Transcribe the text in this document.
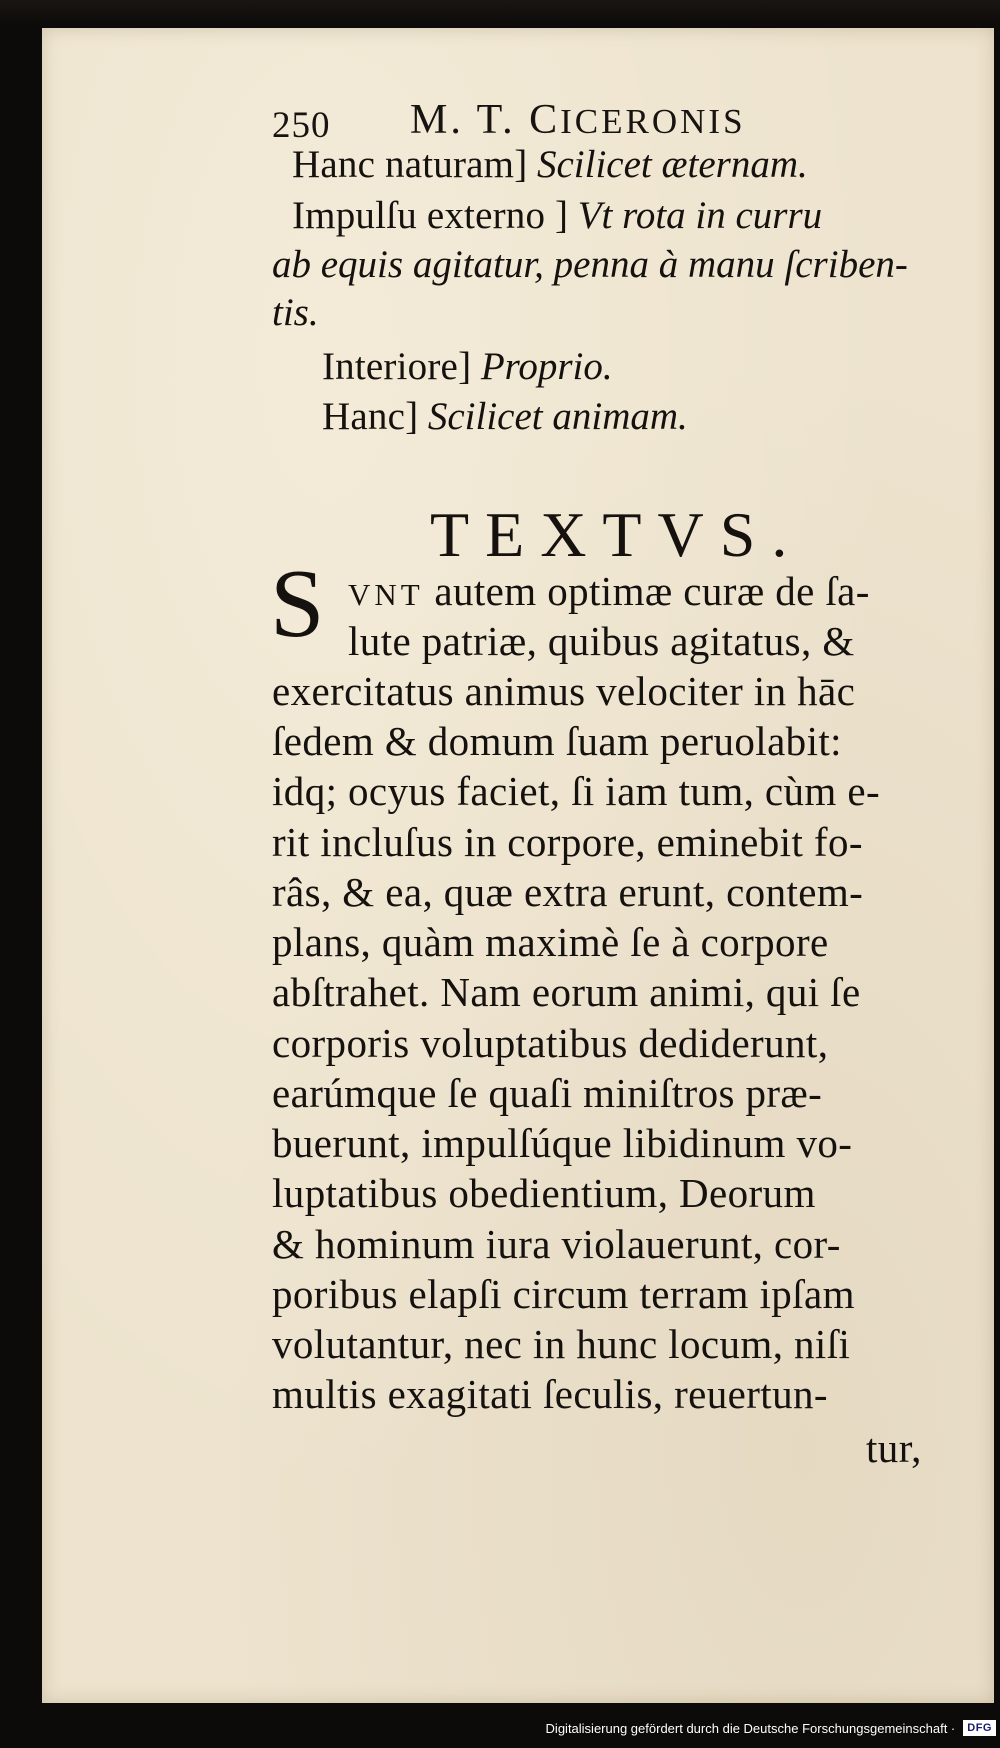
250 M. T. CICERONIS
Hanc naturam] Scilicet æternam.
Impulſu externo ] Vt rota in curru
ab equis agitatur, penna à manu ſcriben-
tis.
Interiore] Proprio.
Hanc] Scilicet animam.
TEXTVS.
S VNT autem optimæ curæ de ſa-
lute patriæ, quibus agitatus, &
exercitatus animus velociter in hāc
ſedem & domum ſuam peruolabit:
idq; ocyus faciet, ſi iam tum, cùm e-
rit incluſus in corpore, eminebit fo-
râs, & ea, quæ extra erunt, contem-
plans, quàm maximè ſe à corpore
abſtrahet. Nam eorum animi, qui ſe
corporis voluptatibus dediderunt,
earúmque ſe quaſi miniſtros præ-
buerunt, impulſúque libidinum vo-
luptatibus obedientium, Deorum
& hominum iura violauerunt, cor-
poribus elapſi circum terram ipſam
volutantur, nec in hunc locum, niſi
multis exagitati ſeculis, reuertun-
tur,
Digitalisierung gefördert durch die Deutsche Forschungsgemeinschaft ·	DFG
